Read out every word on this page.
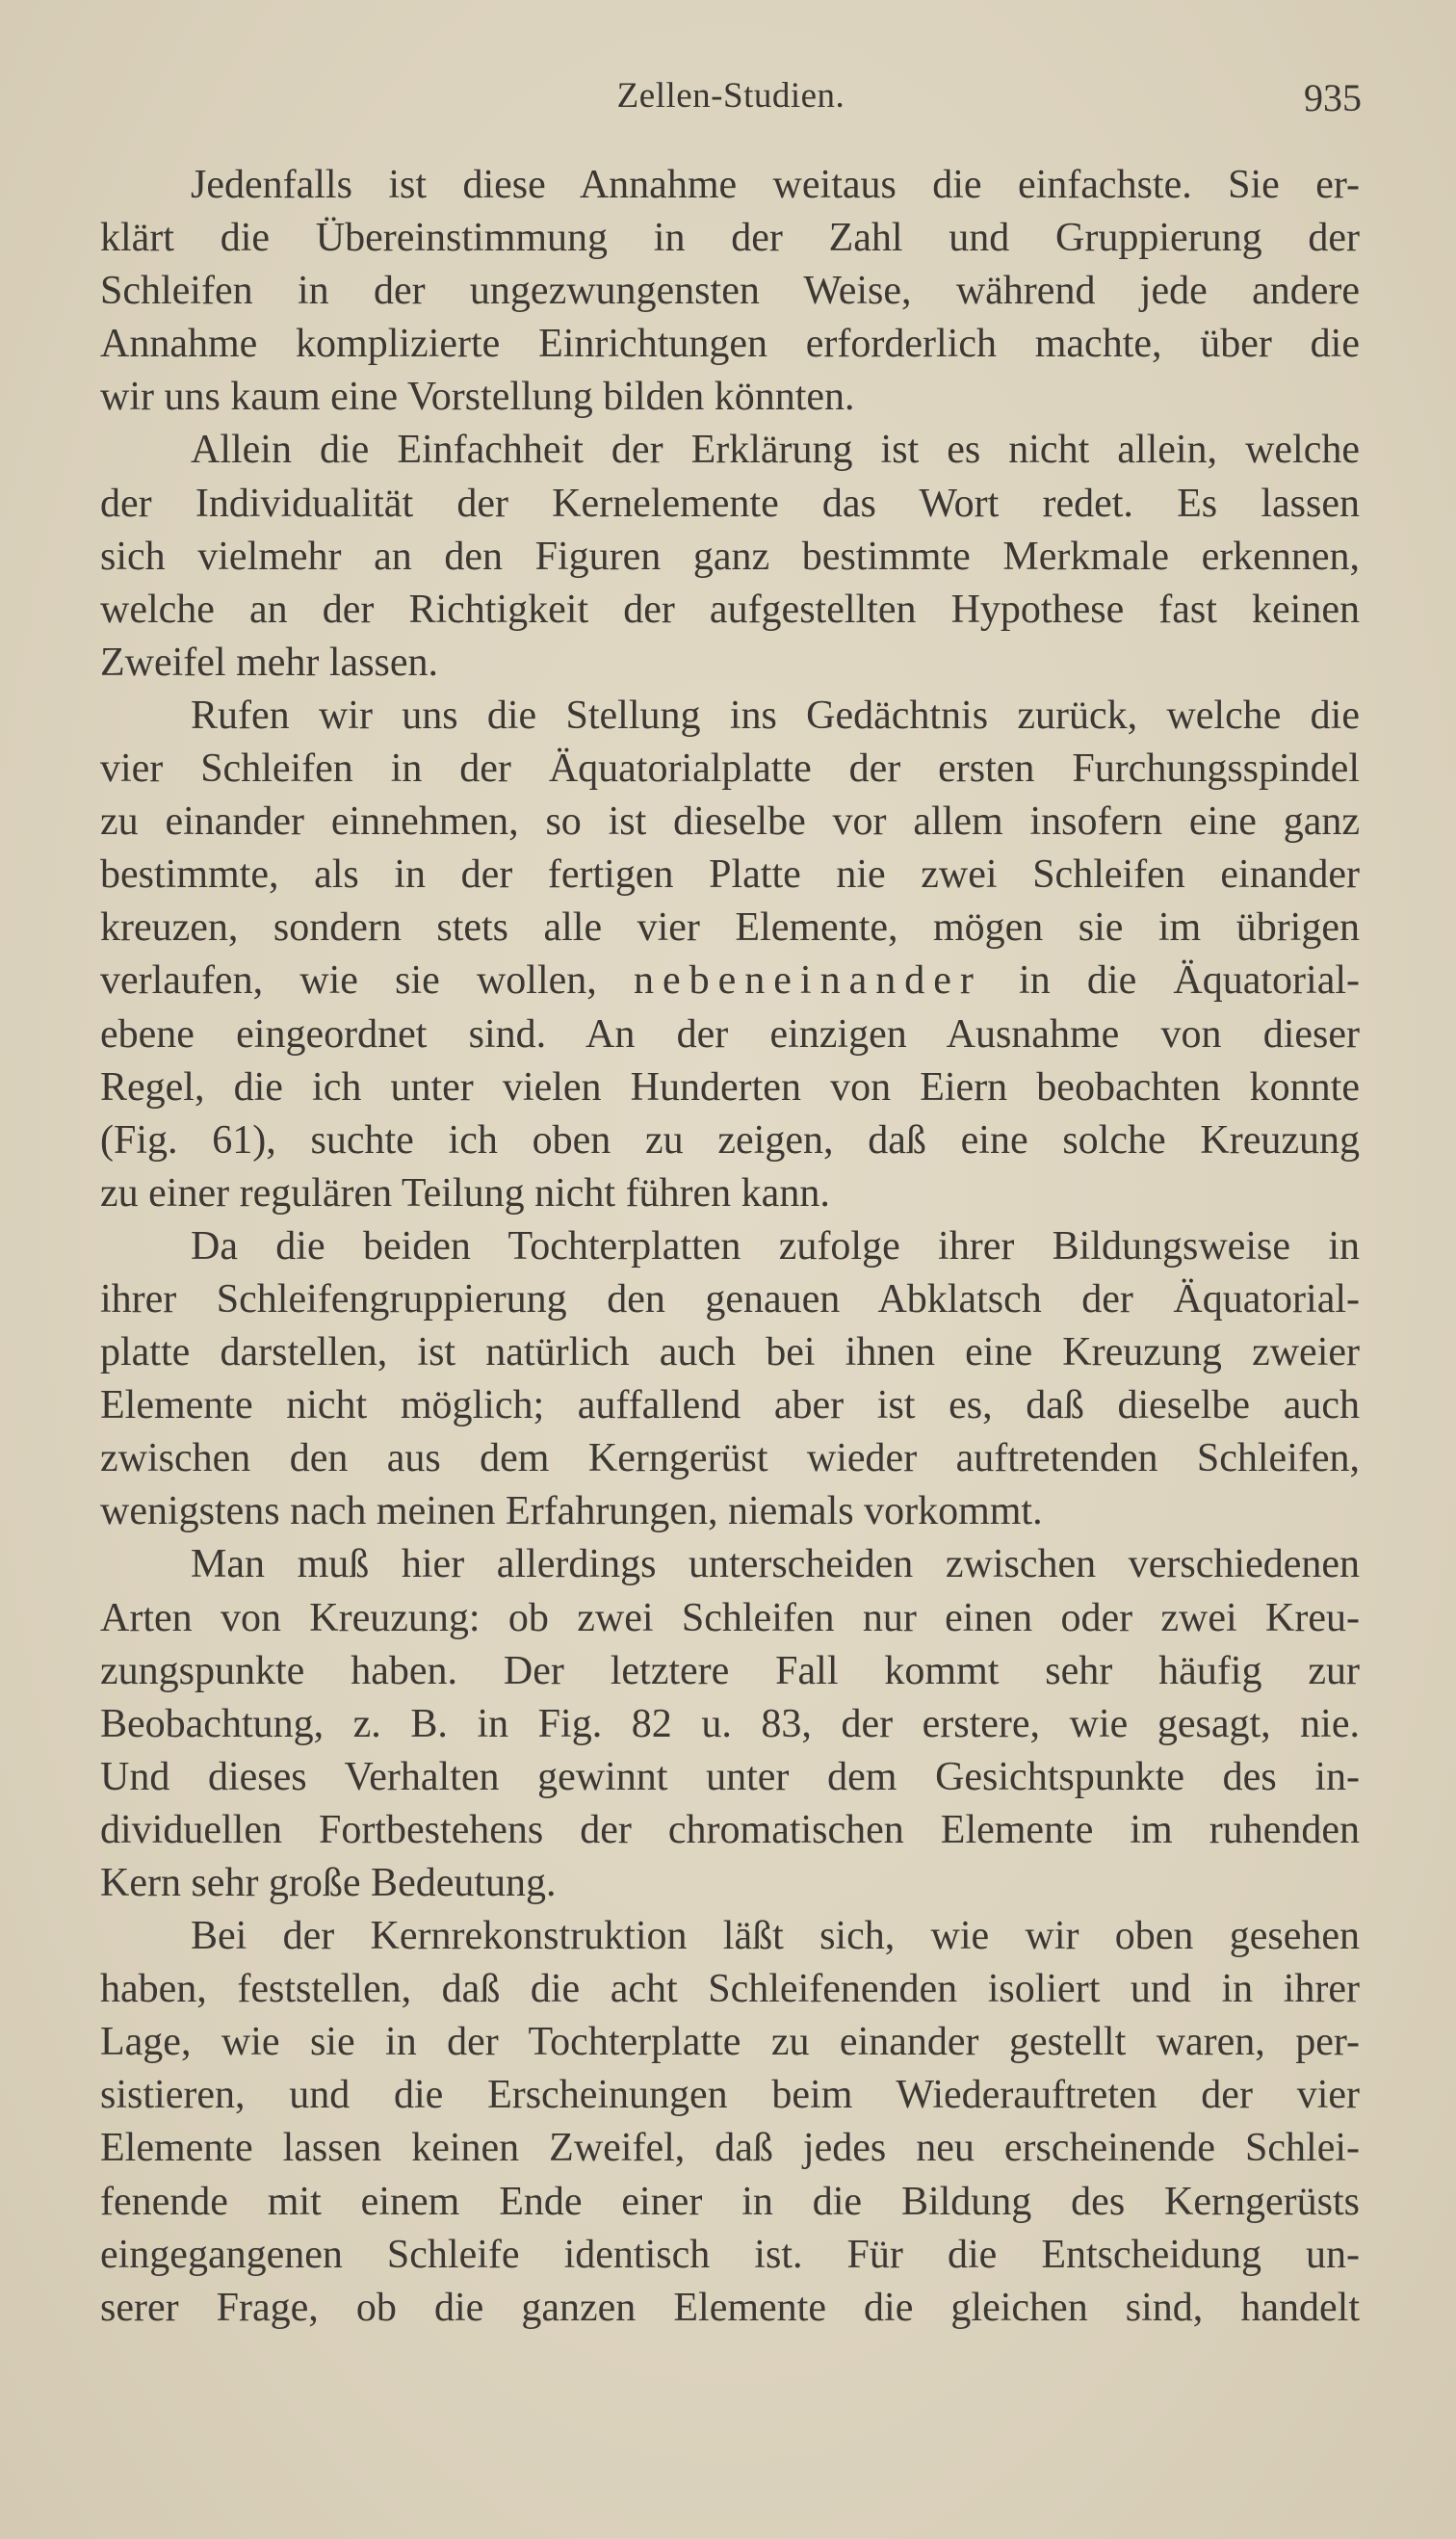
Zellen-Studien.	935

Jedenfalls ist diese Annahme weitaus die einfachste. Sie er-
klärt die Übereinstimmung in der Zahl und Gruppierung der
Schleifen in der ungezwungensten Weise, während jede andere
Annahme komplizierte Einrichtungen erforderlich machte, über die
wir uns kaum eine Vorstellung bilden könnten.

Allein die Einfachheit der Erklärung ist es nicht allein, welche
der Individualität der Kernelemente das Wort redet. Es lassen
sich vielmehr an den Figuren ganz bestimmte Merkmale erkennen,
welche an der Richtigkeit der aufgestellten Hypothese fast keinen
Zweifel mehr lassen.

Rufen wir uns die Stellung ins Gedächtnis zurück, welche die
vier Schleifen in der Äquatorialplatte der ersten Furchungsspindel
zu einander einnehmen, so ist dieselbe vor allem insofern eine ganz
bestimmte, als in der fertigen Platte nie zwei Schleifen einander
kreuzen, sondern stets alle vier Elemente, mögen sie im übrigen
verlaufen, wie sie wollen, nebeneinander in die Äquatorial-
ebene eingeordnet sind. An der einzigen Ausnahme von dieser
Regel, die ich unter vielen Hunderten von Eiern beobachten konnte
(Fig. 61), suchte ich oben zu zeigen, daß eine solche Kreuzung
zu einer regulären Teilung nicht führen kann.

Da die beiden Tochterplatten zufolge ihrer Bildungsweise in
ihrer Schleifengruppierung den genauen Abklatsch der Äquatorial-
platte darstellen, ist natürlich auch bei ihnen eine Kreuzung zweier
Elemente nicht möglich; auffallend aber ist es, daß dieselbe auch
zwischen den aus dem Kerngerüst wieder auftretenden Schleifen,
wenigstens nach meinen Erfahrungen, niemals vorkommt.

Man muß hier allerdings unterscheiden zwischen verschiedenen
Arten von Kreuzung: ob zwei Schleifen nur einen oder zwei Kreu-
zungspunkte haben. Der letztere Fall kommt sehr häufig zur
Beobachtung, z. B. in Fig. 82 u. 83, der erstere, wie gesagt, nie.
Und dieses Verhalten gewinnt unter dem Gesichtspunkte des in-
dividuellen Fortbestehens der chromatischen Elemente im ruhenden
Kern sehr große Bedeutung.

Bei der Kernrekonstruktion läßt sich, wie wir oben gesehen
haben, feststellen, daß die acht Schleifenenden isoliert und in ihrer
Lage, wie sie in der Tochterplatte zu einander gestellt waren, per-
sistieren, und die Erscheinungen beim Wiederauftreten der vier
Elemente lassen keinen Zweifel, daß jedes neu erscheinende Schlei-
fenende mit einem Ende einer in die Bildung des Kerngerüsts
eingegangenen Schleife identisch ist. Für die Entscheidung un-
serer Frage, ob die ganzen Elemente die gleichen sind, handelt
